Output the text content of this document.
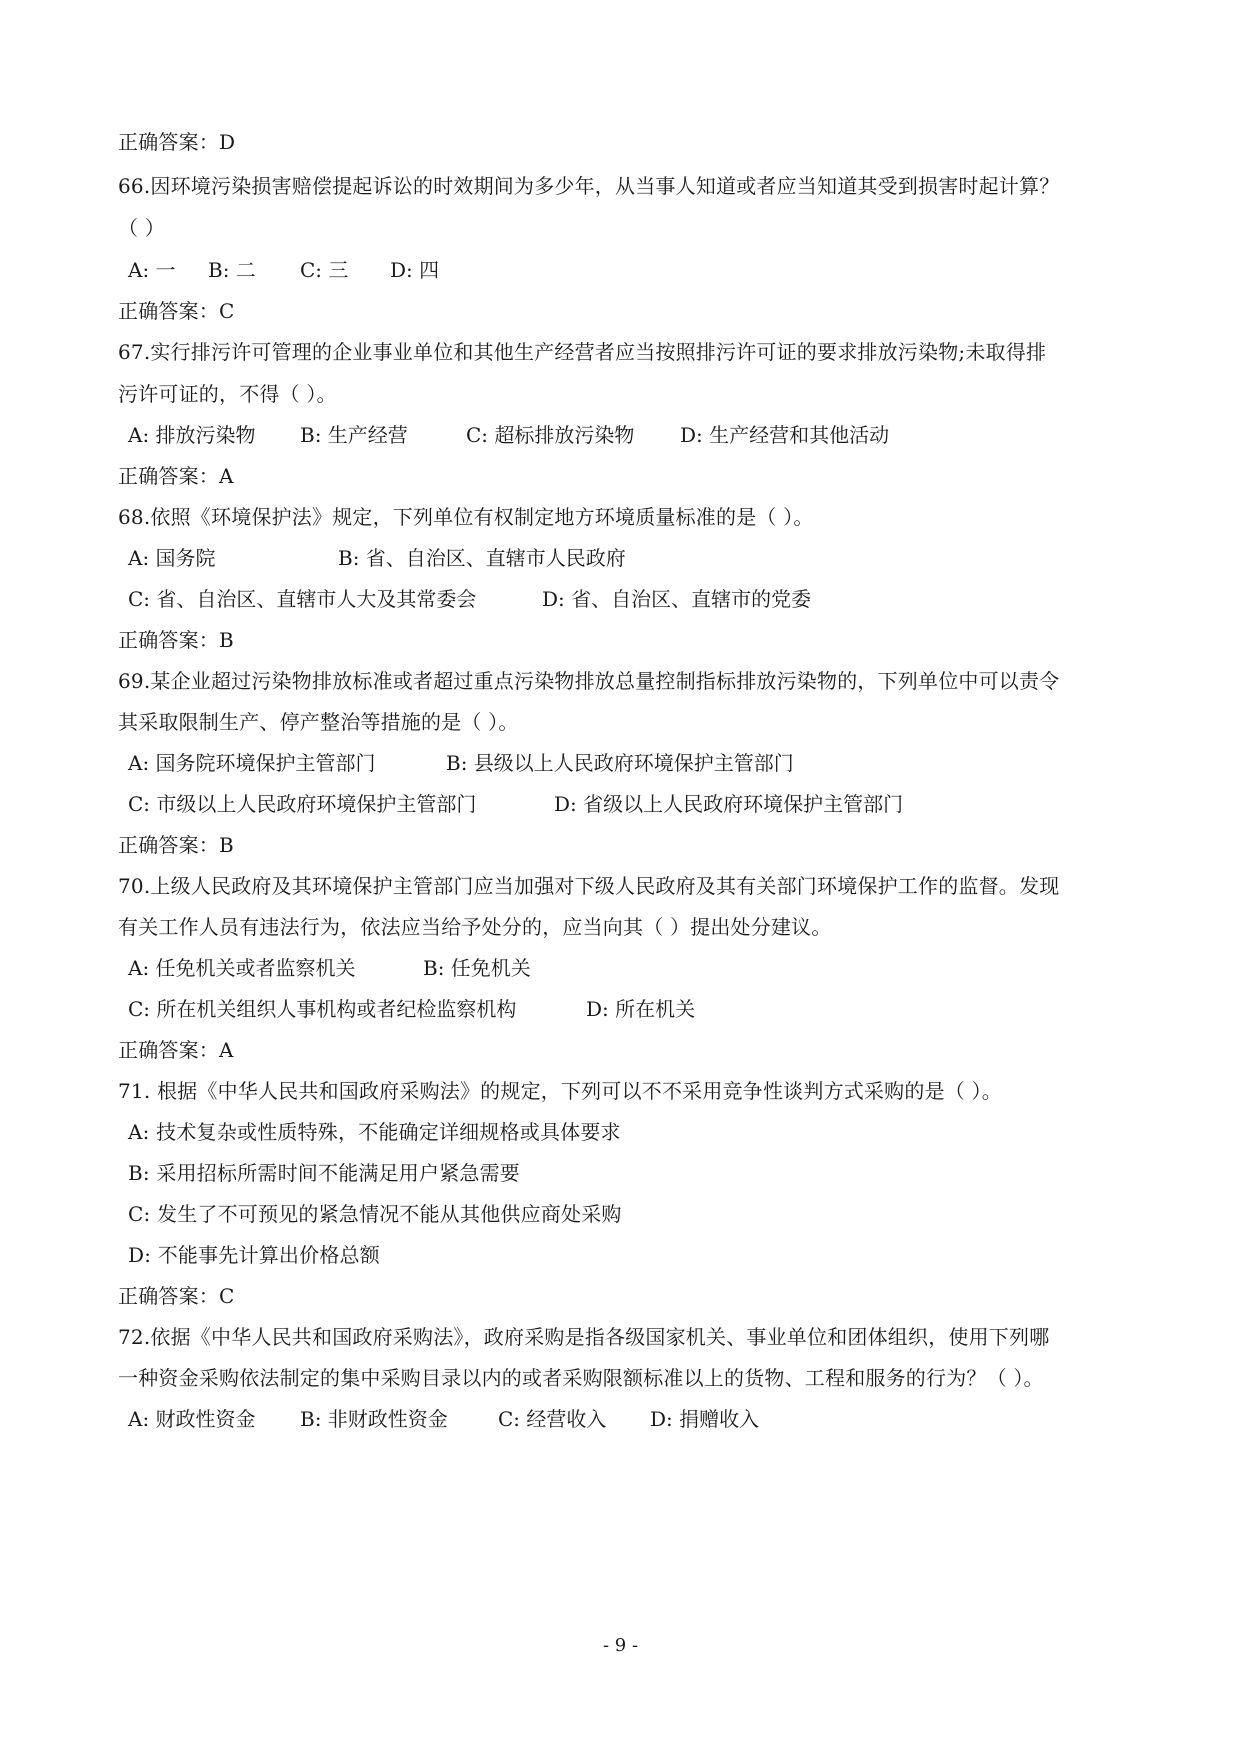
正确答案：D
66.因环境污染损害赔偿提起诉讼的时效期间为多少年，从当事人知道或者应当知道其受到损害时起计算？
（ ）
A: 一 B: 二 C: 三 D: 四
正确答案：C
67.实行排污许可管理的企业事业单位和其他生产经营者应当按照排污许可证的要求排放污染物;未取得排
污许可证的，不得（ ）。
A: 排放污染物 B: 生产经营	C: 超标排放污染物 D: 生产经营和其他活动
正确答案：A
68.依照《环境保护法》规定，下列单位有权制定地方环境质量标准的是（ ）。
A: 国务院	B: 省、自治区、直辖市人民政府
C: 省、自治区、直辖市人大及其常委会	D: 省、自治区、直辖市的党委
正确答案：B
69.某企业超过污染物排放标准或者超过重点污染物排放总量控制指标排放污染物的，下列单位中可以责令
其采取限制生产、停产整治等措施的是（ ）。
A: 国务院环境保护主管部门	B: 县级以上人民政府环境保护主管部门
C: 市级以上人民政府环境保护主管部门	D: 省级以上人民政府环境保护主管部门
正确答案：B
70.上级人民政府及其环境保护主管部门应当加强对下级人民政府及其有关部门环境保护工作的监督。发现
有关工作人员有违法行为，依法应当给予处分的，应当向其（ ）提出处分建议。
A: 任免机关或者监察机关	B: 任免机关
C: 所在机关组织人事机构或者纪检监察机构	D: 所在机关
正确答案：A
71. 根据《中华人民共和国政府采购法》的规定，下列可以不不采用竞争性谈判方式采购的是（ ）。
A: 技术复杂或性质特殊，不能确定详细规格或具体要求
B: 采用招标所需时间不能满足用户紧急需要
C: 发生了不可预见的紧急情况不能从其他供应商处采购
D: 不能事先计算出价格总额
正确答案：C
72.依据《中华人民共和国政府采购法》，政府采购是指各级国家机关、事业单位和团体组织，使用下列哪
一种资金采购依法制定的集中采购目录以内的或者采购限额标准以上的货物、工程和服务的行为？（ ）。
A: 财政性资金 B: 非财政性资金	C: 经营收入 D: 捐赠收入
- 9 -
